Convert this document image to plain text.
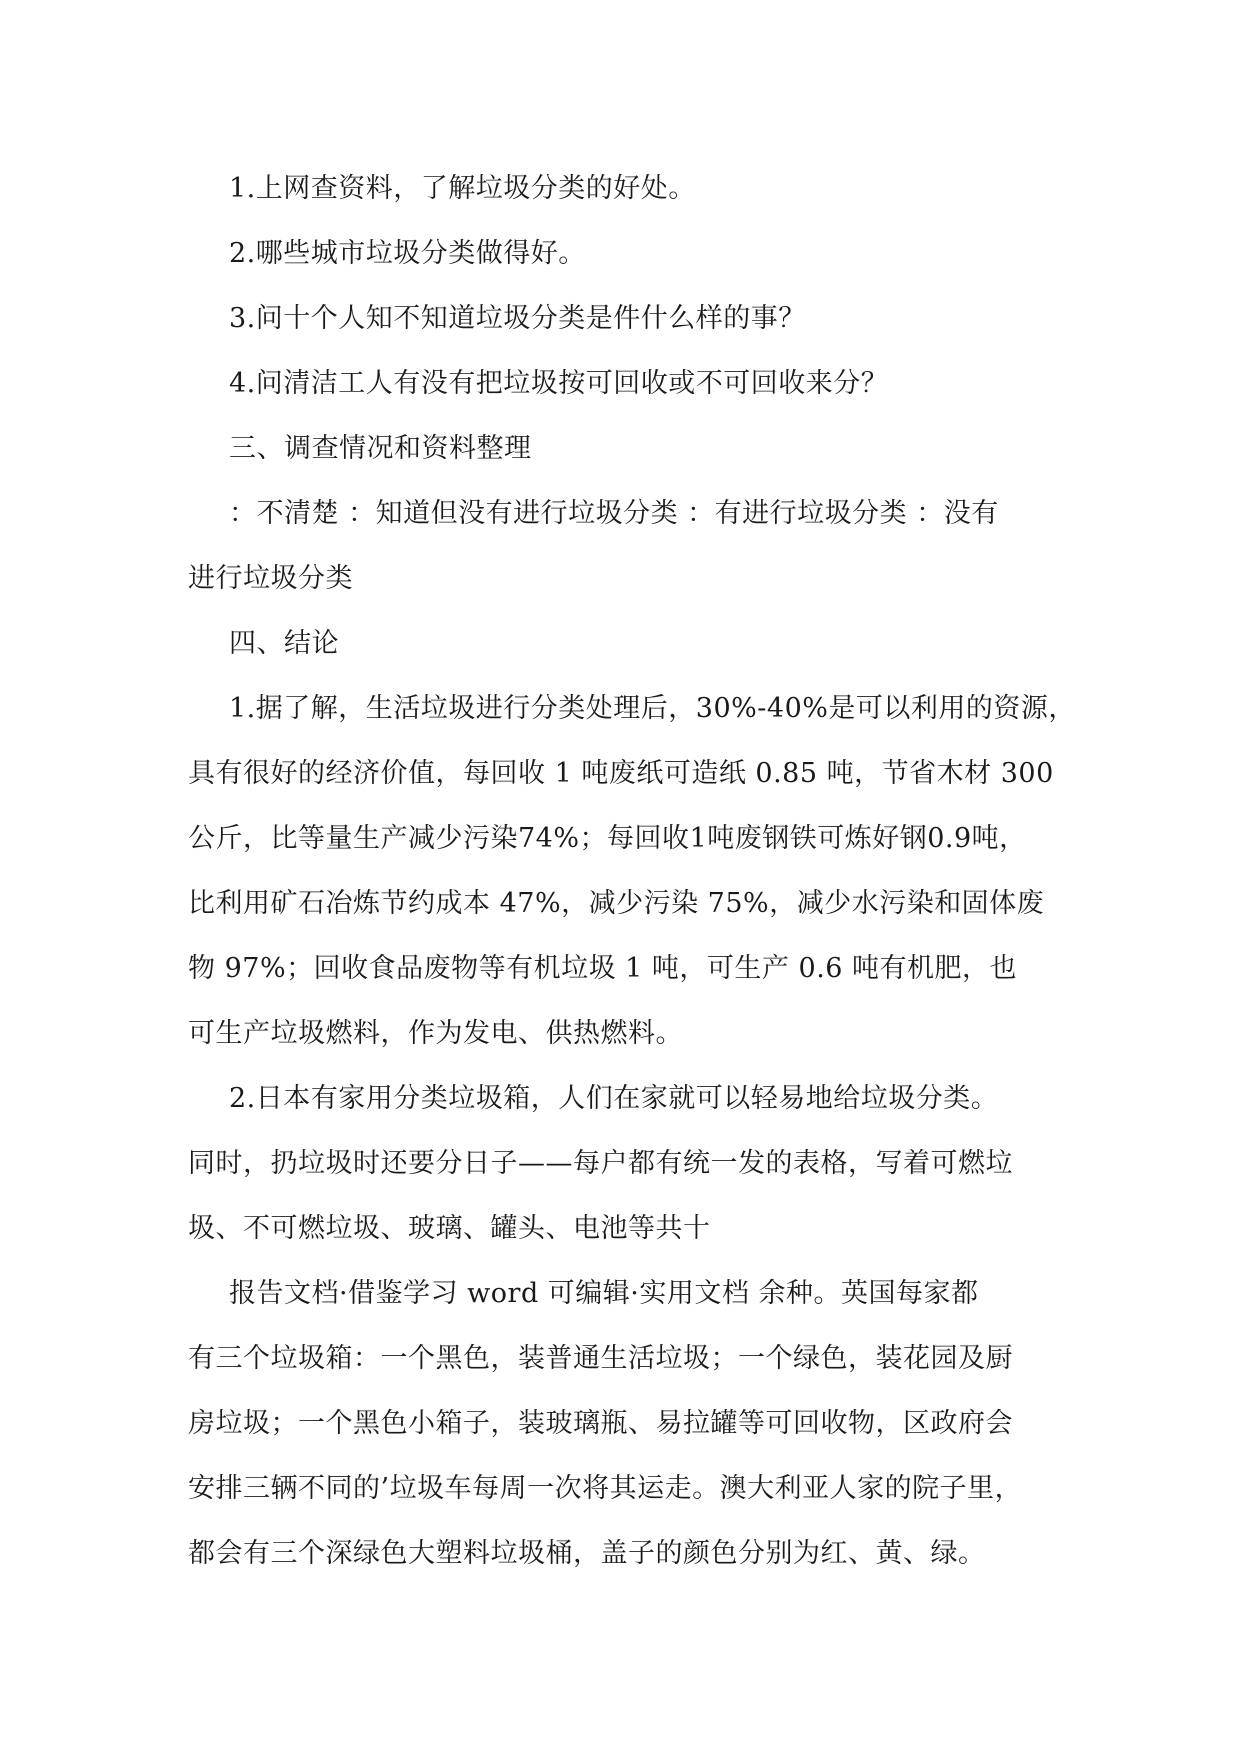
1.上网查资料，了解垃圾分类的好处。

2.哪些城市垃圾分类做得好。

3.问十个人知不知道垃圾分类是件什么样的事？

4.问清洁工人有没有把垃圾按可回收或不可回收来分？

三、调查情况和资料整理

：不清楚 ：知道但没有进行垃圾分类 ：有进行垃圾分类 ：没有
进行垃圾分类

四、结论

1.据了解，生活垃圾进行分类处理后，30%-40%是可以利用的资源，
具有很好的经济价值，每回收 1 吨废纸可造纸 0.85 吨，节省木材 300
公斤，比等量生产减少污染74%；每回收1吨废钢铁可炼好钢0.9吨，
比利用矿石冶炼节约成本 47%，减少污染 75%，减少水污染和固体废
物 97%；回收食品废物等有机垃圾 1 吨，可生产 0.6 吨有机肥，也
可生产垃圾燃料，作为发电、供热燃料。

2.日本有家用分类垃圾箱，人们在家就可以轻易地给垃圾分类。
同时，扔垃圾时还要分日子——每户都有统一发的表格，写着可燃垃
圾、不可燃垃圾、玻璃、罐头、电池等共十

报告文档·借鉴学习 word 可编辑·实用文档 余种。英国每家都
有三个垃圾箱：一个黑色，装普通生活垃圾；一个绿色，装花园及厨
房垃圾；一个黑色小箱子，装玻璃瓶、易拉罐等可回收物，区政府会
安排三辆不同的’垃圾车每周一次将其运走。澳大利亚人家的院子里，
都会有三个深绿色大塑料垃圾桶，盖子的颜色分别为红、黄、绿。
